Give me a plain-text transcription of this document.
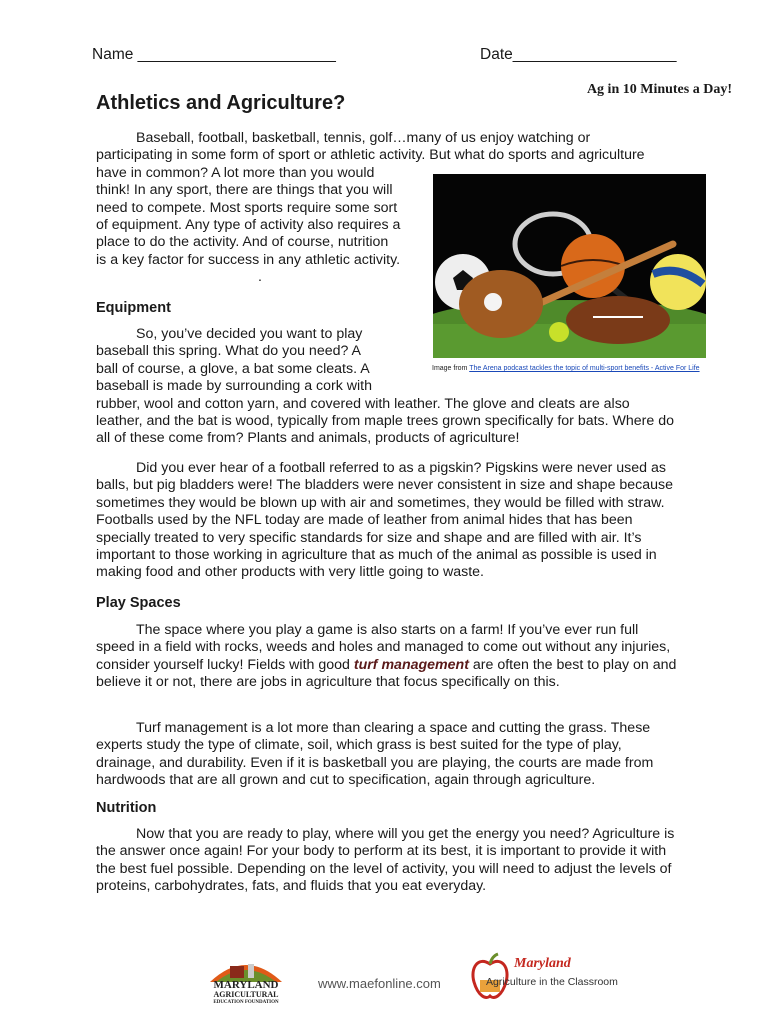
Name _______________________	Date___________________
Ag in 10 Minutes a Day!
Athletics and Agriculture?
Baseball, football, basketball, tennis, golf…many of us enjoy watching or
participating in some form of sport or athletic activity. But what do sports and agriculture
have in common? A lot more than you would
think! In any sport, there are things that you will
need to compete. Most sports require some sort
of equipment. Any type of activity also requires a
place to do the activity. And of course, nutrition
is a key factor for success in any athletic activity.
.
Image from The Arena podcast tackles the topic of multi-sport benefits - Active For Life
Equipment
So, you’ve decided you want to play
baseball this spring. What do you need? A
ball of course, a glove, a bat some cleats. A
baseball is made by surrounding a cork with

rubber, wool and cotton yarn, and covered with leather. The glove and cleats are also leather, and the bat is wood, typically from maple trees grown specifically for bats. Where do all of these come from? Plants and animals, products of agriculture!

Did you ever hear of a football referred to as a pigskin? Pigskins were never used as balls, but pig bladders were! The bladders were never consistent in size and shape because sometimes they would be blown up with air and sometimes, they would be filled with straw. Footballs used by the NFL today are made of leather from animal hides that has been specially treated to very specific standards for size and shape and are filled with air. It’s important to those working in agriculture that as much of the animal as possible is used in making food and other products with very little going to waste.

Play Spaces

The space where you play a game is also starts on a farm! If you’ve ever run full speed in a field with rocks, weeds and holes and managed to come out without any injuries, consider yourself lucky! Fields with good turf management are often the best to play on and believe it or not, there are jobs in agriculture that focus specifically on this.

Turf management is a lot more than clearing a space and cutting the grass. These experts study the type of climate, soil, which grass is best suited for the type of play, drainage, and durability. Even if it is basketball you are playing, the courts are made from hardwoods that are all grown and cut to specification, again through agriculture.

Nutrition

Now that you are ready to play, where will you get the energy you need? Agriculture is the answer once again! For your body to perform at its best, it is important to provide it with the best fuel possible. Depending on the level of activity, you will need to adjust the levels of proteins, carbohydrates, fats, and fluids that you eat everyday.

MARYLAND
AGRICULTURAL
EDUCATION FOUNDATION
www.maefonline.com
Maryland
Agriculture in the Classroom
